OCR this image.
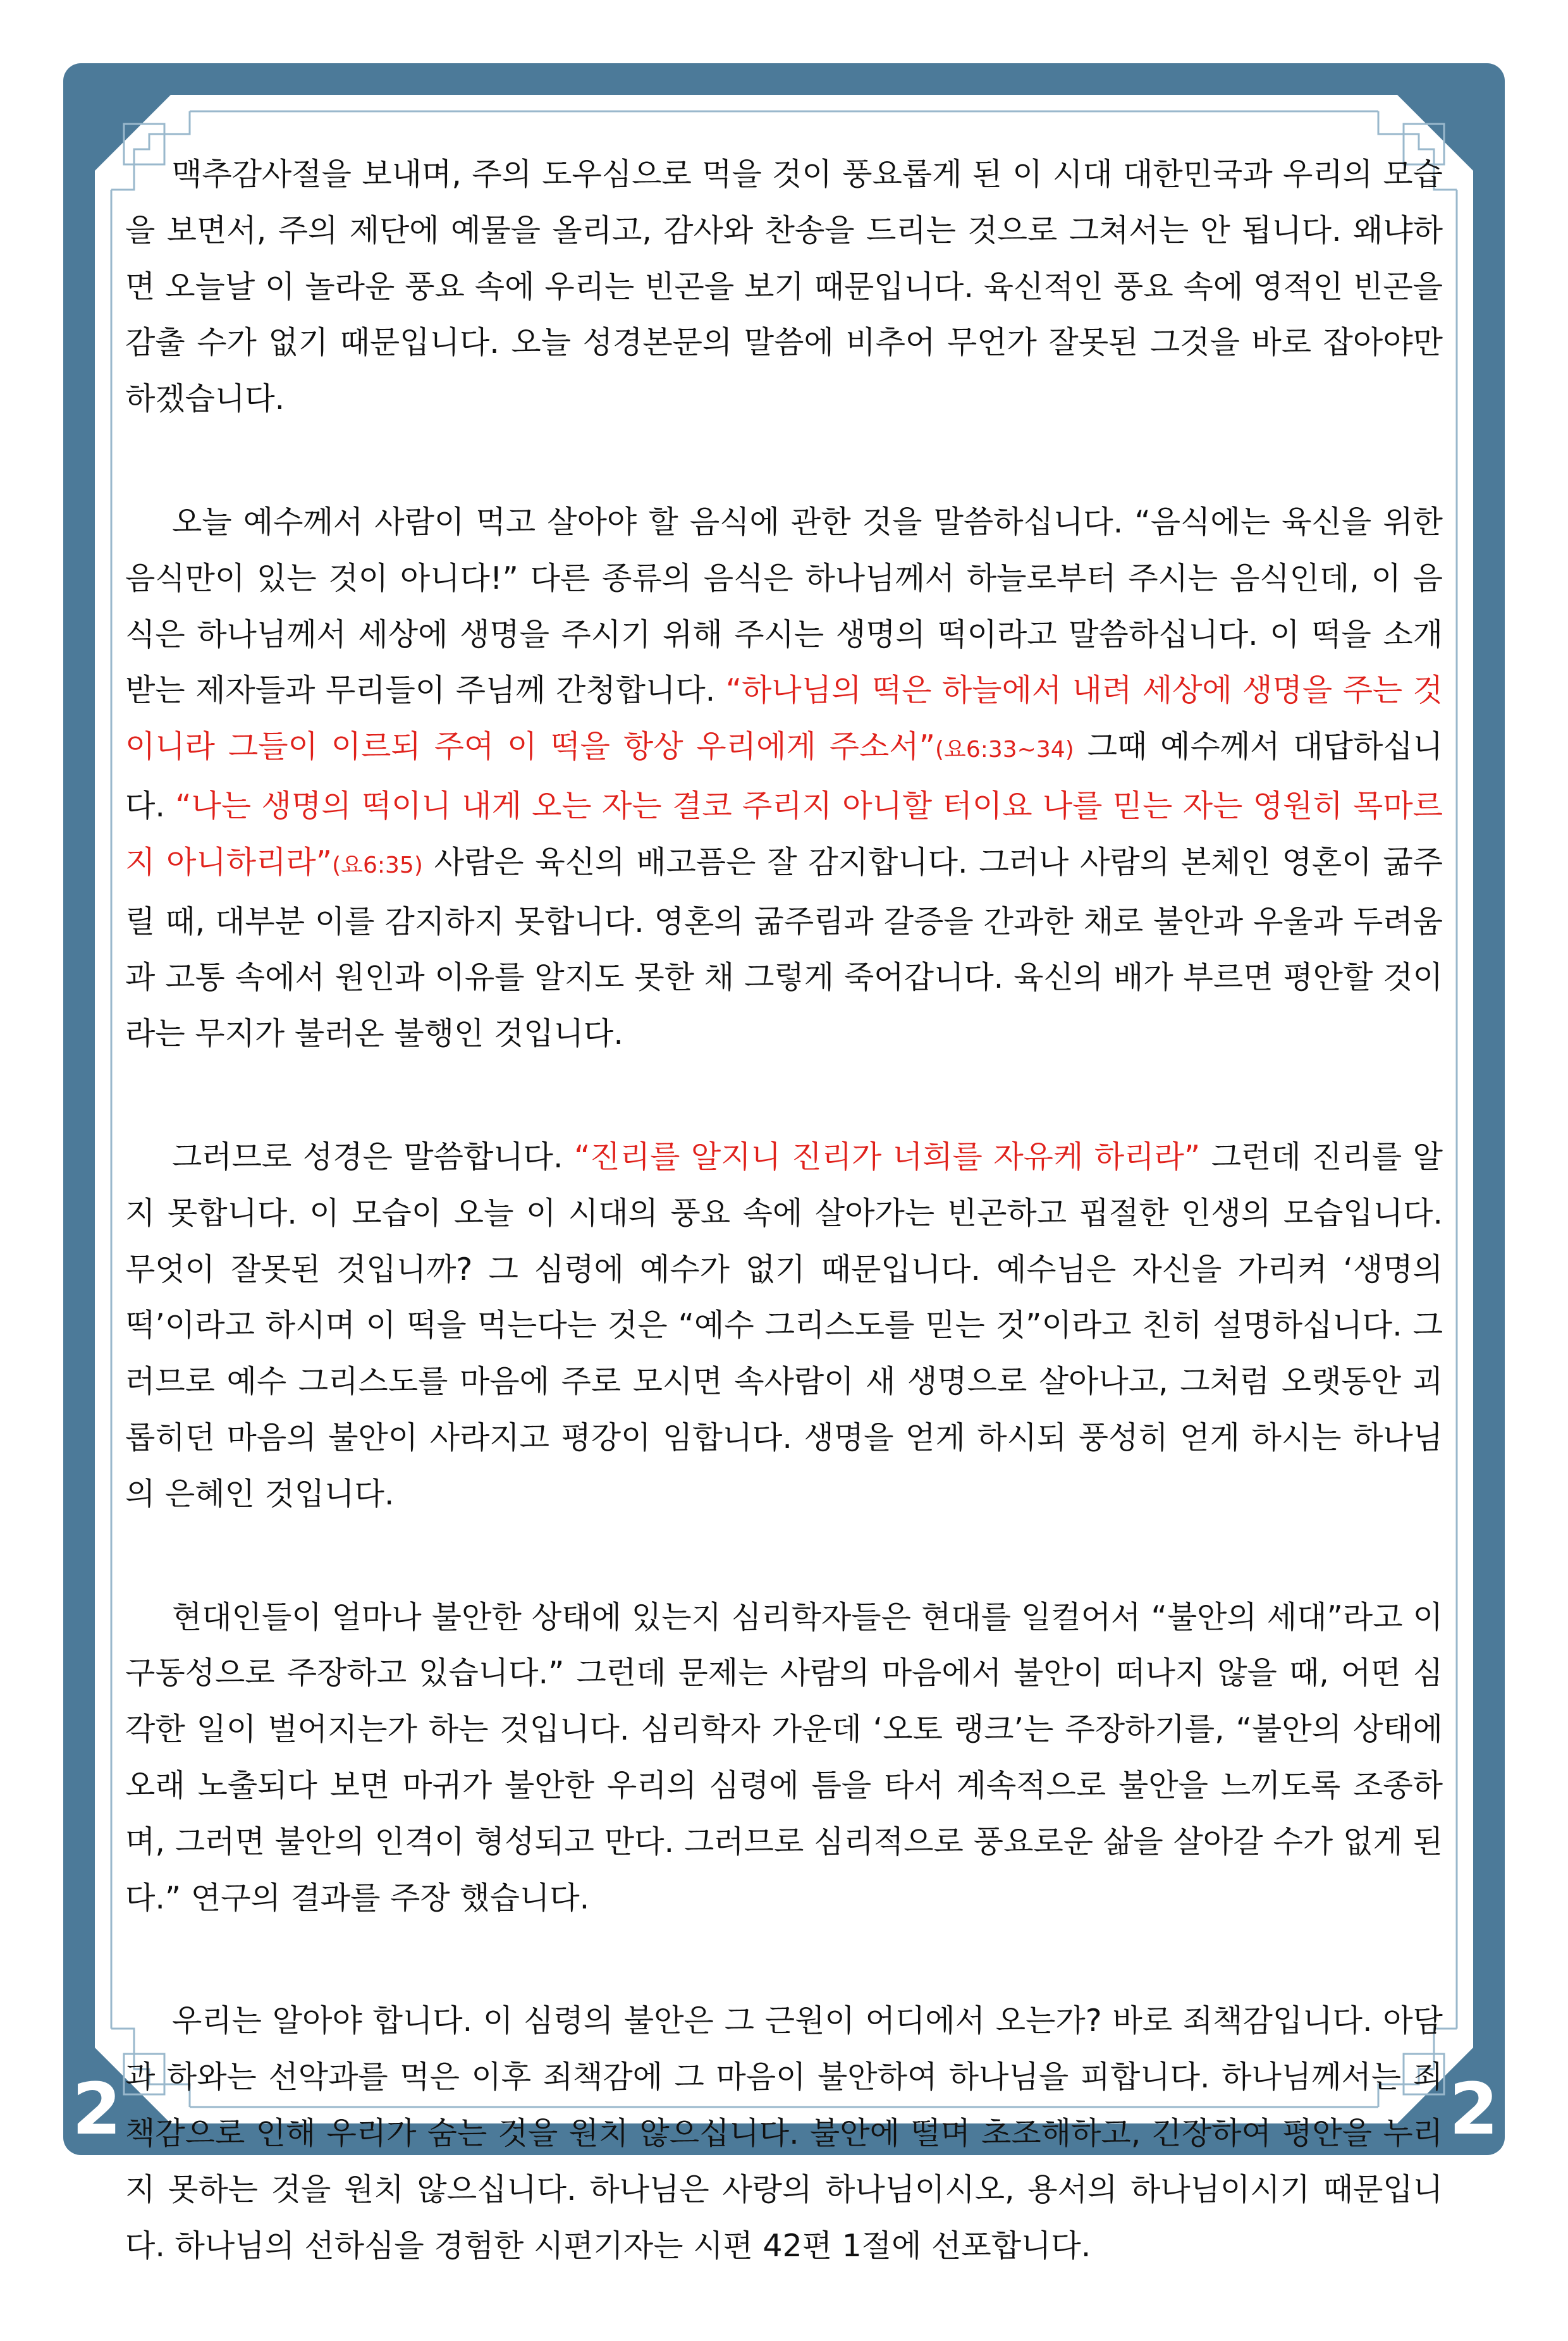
2	2

맥추감사절을 보내며, 주의 도우심으로 먹을 것이 풍요롭게 된 이 시대 대한민국과 우리의 모습을 보면서, 주의 제단에 예물을 올리고, 감사와 찬송을 드리는 것으로 그쳐서는 안 됩니다. 왜냐하면 오늘날 이 놀라운 풍요 속에 우리는 빈곤을 보기 때문입니다. 육신적인 풍요 속에 영적인 빈곤을 감출 수가 없기 때문입니다. 오늘 성경본문의 말씀에 비추어 무언가 잘못된 그것을 바로 잡아야만 하겠습니다.

오늘 예수께서 사람이 먹고 살아야 할 음식에 관한 것을 말씀하십니다. “음식에는 육신을 위한 음식만이 있는 것이 아니다!” 다른 종류의 음식은 하나님께서 하늘로부터 주시는 음식인데, 이 음식은 하나님께서 세상에 생명을 주시기 위해 주시는 생명의 떡이라고 말씀하십니다. 이 떡을 소개받는 제자들과 무리들이 주님께 간청합니다. “하나님의 떡은 하늘에서 내려 세상에 생명을 주는 것이니라 그들이 이르되 주여 이 떡을 항상 우리에게 주소서”(요6:33~34) 그때 예수께서 대답하십니다. “나는 생명의 떡이니 내게 오는 자는 결코 주리지 아니할 터이요 나를 믿는 자는 영원히 목마르지 아니하리라”(요6:35) 사람은 육신의 배고픔은 잘 감지합니다. 그러나 사람의 본체인 영혼이 굶주릴 때, 대부분 이를 감지하지 못합니다. 영혼의 굶주림과 갈증을 간과한 채로 불안과 우울과 두려움과 고통 속에서 원인과 이유를 알지도 못한 채 그렇게 죽어갑니다. 육신의 배가 부르면 평안할 것이라는 무지가 불러온 불행인 것입니다.

그러므로 성경은 말씀합니다. “진리를 알지니 진리가 너희를 자유케 하리라” 그런데 진리를 알지 못합니다. 이 모습이 오늘 이 시대의 풍요 속에 살아가는 빈곤하고 핍절한 인생의 모습입니다. 무엇이 잘못된 것입니까? 그 심령에 예수가 없기 때문입니다. 예수님은 자신을 가리켜 ‘생명의 떡’이라고 하시며 이 떡을 먹는다는 것은 “예수 그리스도를 믿는 것”이라고 친히 설명하십니다. 그러므로 예수 그리스도를 마음에 주로 모시면 속사람이 새 생명으로 살아나고, 그처럼 오랫동안 괴롭히던 마음의 불안이 사라지고 평강이 임합니다. 생명을 얻게 하시되 풍성히 얻게 하시는 하나님의 은혜인 것입니다.

현대인들이 얼마나 불안한 상태에 있는지 심리학자들은 현대를 일컬어서 “불안의 세대”라고 이구동성으로 주장하고 있습니다.” 그런데 문제는 사람의 마음에서 불안이 떠나지 않을 때, 어떤 심각한 일이 벌어지는가 하는 것입니다. 심리학자 가운데 ‘오토 랭크’는 주장하기를, “불안의 상태에 오래 노출되다 보면 마귀가 불안한 우리의 심령에 틈을 타서 계속적으로 불안을 느끼도록 조종하며, 그러면 불안의 인격이 형성되고 만다. 그러므로 심리적으로 풍요로운 삶을 살아갈 수가 없게 된다.” 연구의 결과를 주장 했습니다.

우리는 알아야 합니다. 이 심령의 불안은 그 근원이 어디에서 오는가? 바로 죄책감입니다. 아담과 하와는 선악과를 먹은 이후 죄책감에 그 마음이 불안하여 하나님을 피합니다. 하나님께서는 죄책감으로 인해 우리가 숨는 것을 원치 않으십니다. 불안에 떨며 초조해하고, 긴장하여 평안을 누리지 못하는 것을 원치 않으십니다. 하나님은 사랑의 하나님이시오, 용서의 하나님이시기 때문입니다. 하나님의 선하심을 경험한 시편기자는 시편 42편 1절에 선포합니다.
